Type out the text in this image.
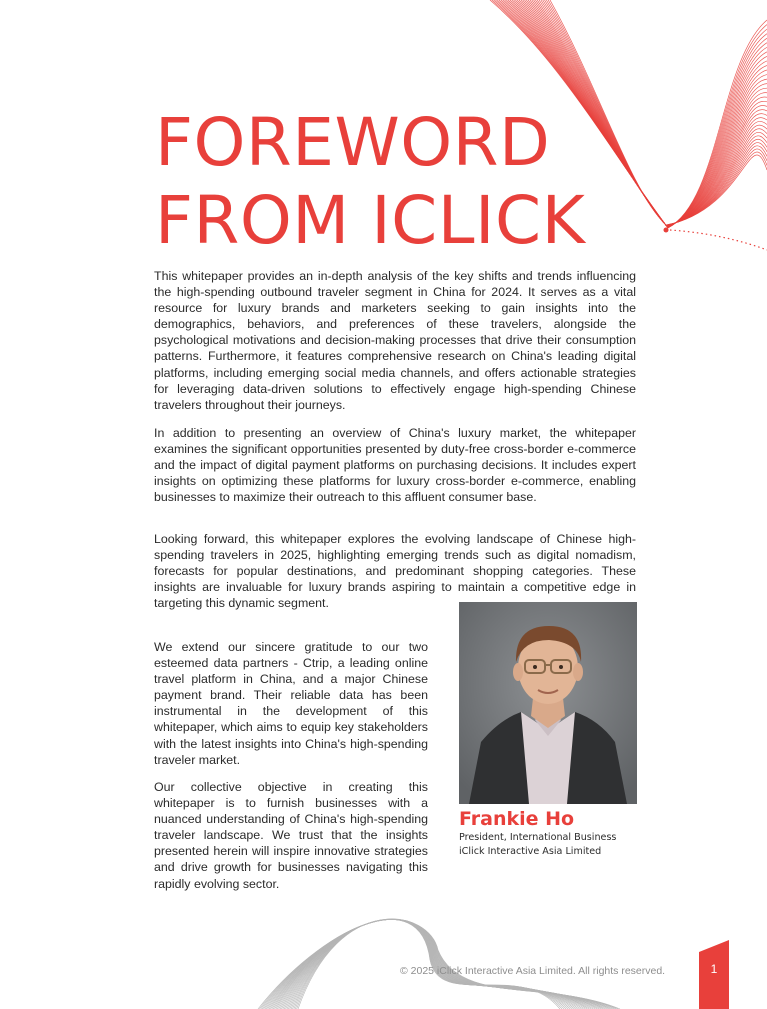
FOREWORD
FROM ICLICK

This whitepaper provides an in-depth analysis of the key shifts and trends influencing the high-spending outbound traveler segment in China for 2024. It serves as a vital resource for luxury brands and marketers seeking to gain insights into the demographics, behaviors, and preferences of these travelers, alongside the psychological motivations and decision-making processes that drive their consumption patterns. Furthermore, it features comprehensive research on China's leading digital platforms, including emerging social media channels, and offers actionable strategies for leveraging data-driven solutions to effectively engage high-spending Chinese travelers throughout their journeys.

In addition to presenting an overview of China's luxury market, the whitepaper examines the significant opportunities presented by duty-free cross-border e-commerce and the impact of digital payment platforms on purchasing decisions. It includes expert insights on optimizing these platforms for luxury cross-border e-commerce, enabling businesses to maximize their outreach to this affluent consumer base.

Looking forward, this whitepaper explores the evolving landscape of Chinese high-spending travelers in 2025, highlighting emerging trends such as digital nomadism, forecasts for popular destinations, and predominant shopping categories. These insights are invaluable for luxury brands aspiring to maintain a competitive edge in targeting this dynamic segment.

We extend our sincere gratitude to our two esteemed data partners - Ctrip, a leading online travel platform in China, and a major Chinese payment brand. Their reliable data has been instrumental in the development of this whitepaper, which aims to equip key stakeholders with the latest insights into China's high-spending traveler market.

Our collective objective in creating this whitepaper is to furnish businesses with a nuanced understanding of China's high-spending traveler landscape. We trust that the insights presented herein will inspire innovative strategies and drive growth for businesses navigating this rapidly evolving sector.

Frankie Ho

President, International Business

iClick Interactive Asia Limited

© 2025 iClick Interactive Asia Limited. All rights reserved.	1
